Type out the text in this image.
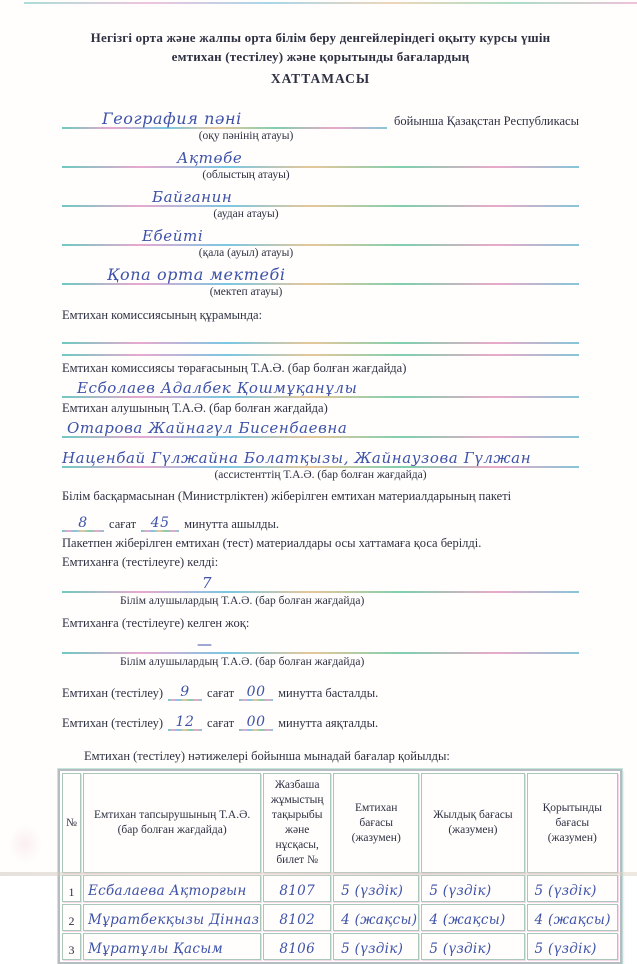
Негізгі орта және жалпы орта білім беру денгейлеріндегі оқыту курсы үшін
емтихан (тестілеу) және қорытынды бағалардың
ХАТТАМАСЫ
География пәні	бойынша Қазақстан Республикасы
(оқу пәнінің атауы)
Ақтөбе
(облыстың атауы)
Байганин
(аудан атауы)
Ебейті
(қала (ауыл) атауы)
Қопа орта мектебі
(мектеп атауы)
Емтихан комиссиясының құрамында:
Емтихан комиссиясы төрағасының Т.А.Ә. (бар болған жағдайда)
Есболаев Адалбек Қошмұқанұлы
Емтихан алушының Т.А.Ә. (бар болған жағдайда)
Отарова Жайнагүл Бисенбаевна
Наценбай Гүлжайна Болатқызы, Жайнаузова Гүлжан
(ассистенттің Т.А.Ә. (бар болған жағдайда)
Білім басқармасынан (Министрліктен) жіберілген емтихан материалдарының пакеті
8	сағат	45	минутта ашылды.
Пакетпен жіберілген емтихан (тест) материалдары осы хаттамаға қоса берілді.
Емтиханға (тестілеуге) келді:
7
Білім алушылардың Т.А.Ә. (бар болған жағдайда)
Емтиханға (тестілеуге) келген жоқ:
—
Білім алушылардың Т.А.Ә. (бар болған жағдайда)
Емтихан (тестілеу)	9	сағат 00	минутта басталды.
Емтихан (тестілеу) 12	сағат 00	минутта аяқталды.
Емтихан (тестілеу) нәтижелері бойынша мынадай бағалар қойылды:
№	Емтихан тапсырушының Т.А.Ә. (бар болған жағдайда)	Жазбаша жұмыстың тақырыбы және нұсқасы, билет №	Емтихан бағасы (жазумен)	Жылдық бағасы (жазумен)	Қорытынды бағасы (жазумен)
1	Есбалаева Ақторғын	8107	5 (үздік)	5 (үздік)	5 (үздік)
2	Мұратбекқызы Дінназ	8102	4 (жақсы)	4 (жақсы)	4 (жақсы)
3	Мұратұлы Қасым	8106	5 (үздік)	5 (үздік)	5 (үздік)
